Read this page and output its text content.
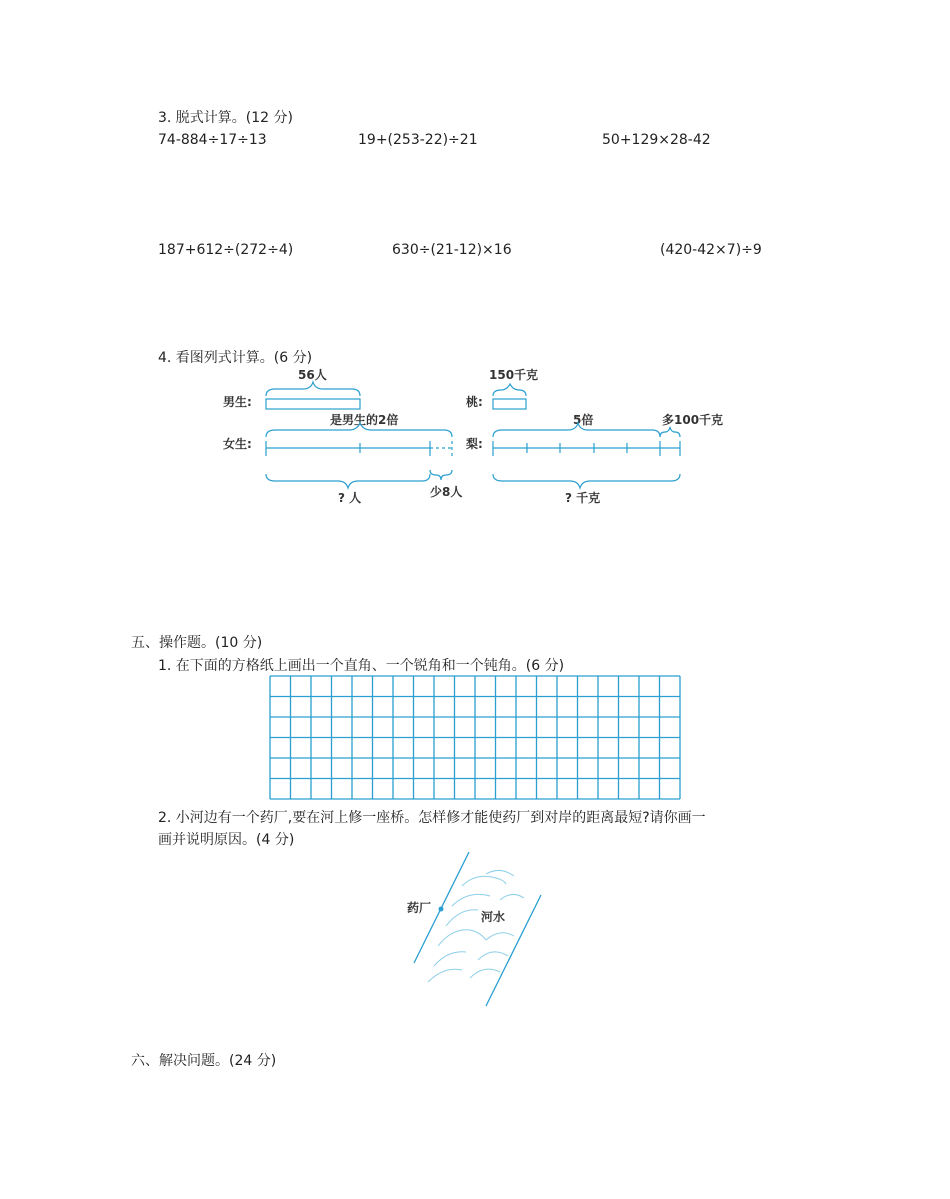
3. 脱式计算。(12 分)
74-884÷17÷13	19+(253-22)÷21	50+129×28-42
187+612÷(272÷4)	630÷(21-12)×16	(420-42×7)÷9
4. 看图列式计算。(6 分)
男生:
56人
女生:
是男生的2倍
少8人
? 人
桃:
150千克
梨:
5倍	多100千克
? 千克
五、操作题。(10 分)
1. 在下面的方格纸上画出一个直角、一个锐角和一个钝角。(6 分)
2. 小河边有一个药厂,要在河上修一座桥。怎样修才能使药厂到对岸的距离最短?请你画一
画并说明原因。(4 分)
药厂
河水
六、解决问题。(24 分)
